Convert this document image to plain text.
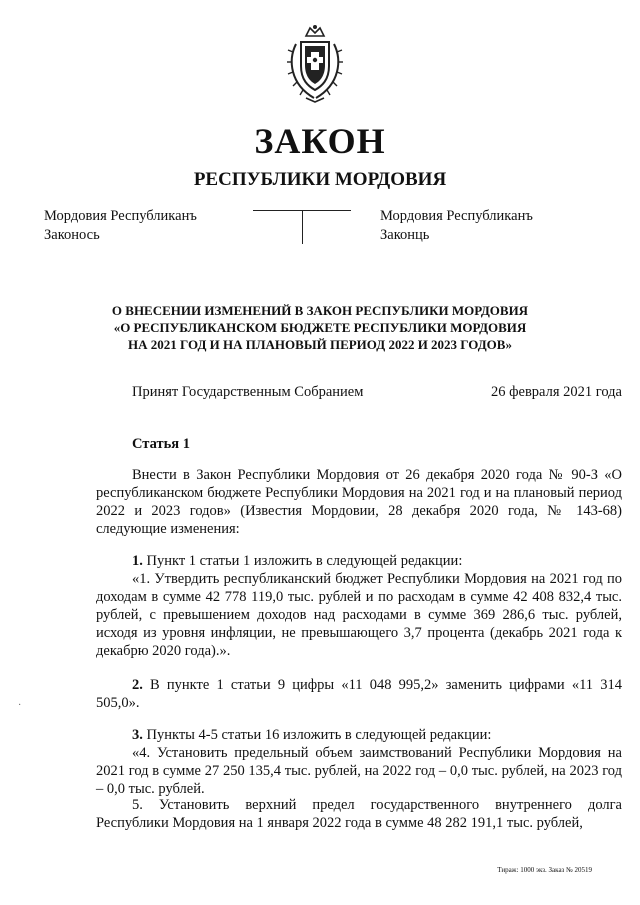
ЗАКОН
РЕСПУБЛИКИ МОРДОВИЯ
Мордовия Республиканъ
Законось
Мордовия Республиканъ
Законць
О ВНЕСЕНИИ ИЗМЕНЕНИЙ В ЗАКОН РЕСПУБЛИКИ МОРДОВИЯ
«О РЕСПУБЛИКАНСКОМ БЮДЖЕТЕ РЕСПУБЛИКИ МОРДОВИЯ
НА 2021 ГОД И НА ПЛАНОВЫЙ ПЕРИОД 2022 И 2023 ГОДОВ»
Принят Государственным Собранием	26 февраля 2021 года
Статья 1
Внести в Закон Республики Мордовия от 26 декабря 2020 года № 90-З «О республиканском бюджете Республики Мордовия на 2021 год и на плановый период 2022 и 2023 годов» (Известия Мордовии, 28 декабря 2020 года, № 143-68) следующие изменения:
1. Пункт 1 статьи 1 изложить в следующей редакции:
«1. Утвердить республиканский бюджет Республики Мордовия на 2021 год по доходам в сумме 42 778 119,0 тыс. рублей и по расходам в сумме 42 408 832,4 тыс. рублей, с превышением доходов над расходами в сумме 369 286,6 тыс. рублей, исходя из уровня инфляции, не превышающего 3,7 процента (декабрь 2021 года к декабрю 2020 года).».
2. В пункте 1 статьи 9 цифры «11 048 995,2» заменить цифрами «11 314 505,0».
3. Пункты 4-5 статьи 16 изложить в следующей редакции:
«4. Установить предельный объем заимствований Республики Мордовия на 2021 год в сумме 27 250 135,4 тыс. рублей, на 2022 год – 0,0 тыс. рублей, на 2023 год – 0,0 тыс. рублей.
5. Установить верхний предел государственного внутреннего долга Республики Мордовия на 1 января 2022 года в сумме 48 282 191,1 тыс. рублей,
·
Тираж: 1000 экз. Заказ № 20519
